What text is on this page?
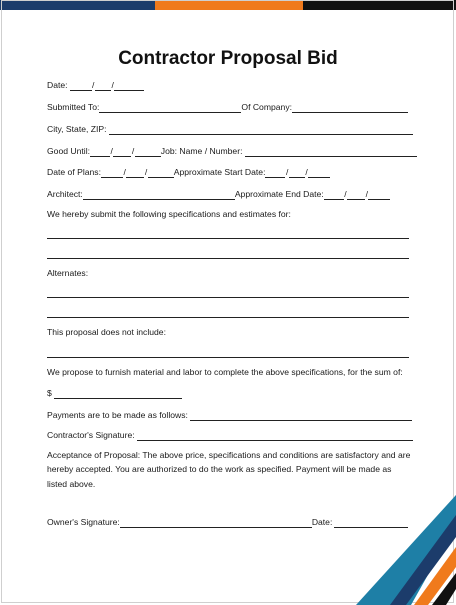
Contractor Proposal Bid
Date:	/ /
Submitted To:	Of Company:
City, State, ZIP:
Good Until: / /	Job: Name / Number:
Date of Plans:	/ /	Approximate Start Date: / /
Architect:	Approximate End Date: / /
We hereby submit the following specifications and estimates for:
Alternates:
This proposal does not include:
We propose to furnish material and labor to complete the above specifications, for the sum of:
$
Payments are to be made as follows:
Contractor's Signature:
Acceptance of Proposal: The above price, specifications and conditions are satisfactory and are hereby accepted. You are authorized to do the work as specified. Payment will be made as listed above.
Owner's Signature:	Date:
